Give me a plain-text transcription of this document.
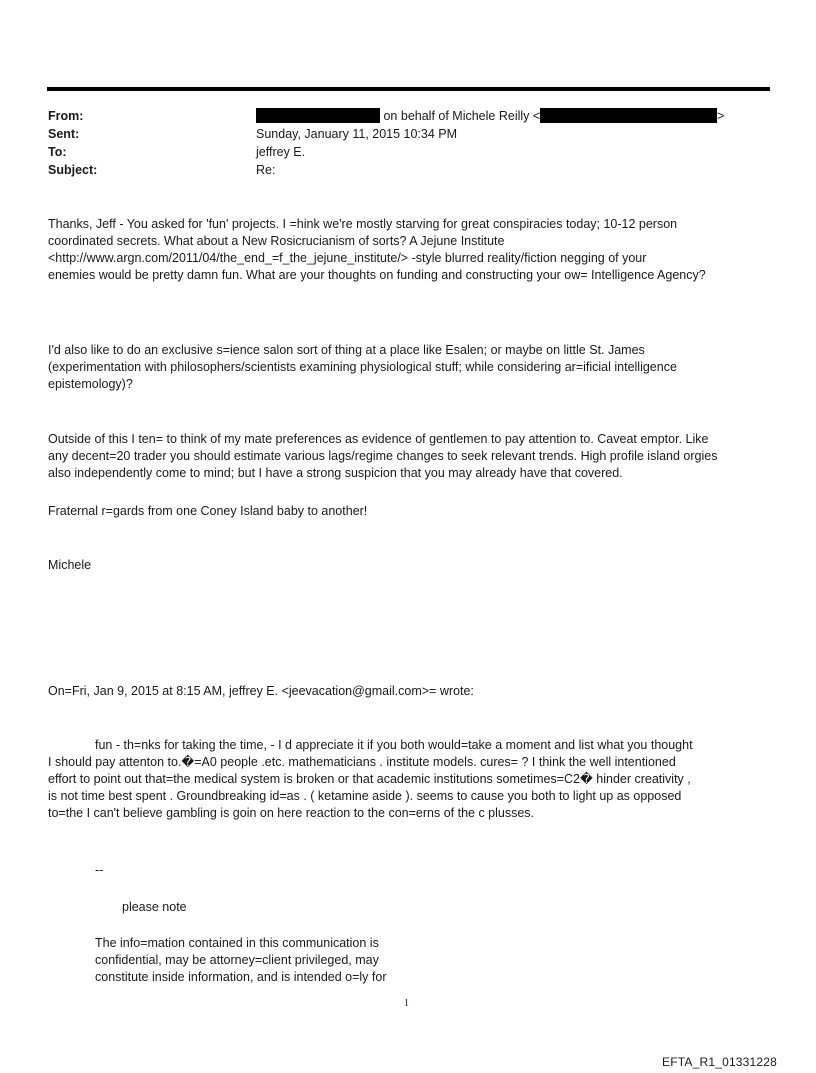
From:	on behalf of Michele Reilly <	>
Sent:	Sunday, January 11, 2015 10:34 PM
To:	jeffrey E.
Subject:	Re:

Thanks, Jeff - You asked for 'fun' projects. I =hink we're mostly starving for great conspiracies today; 10-12 person
coordinated secrets. What about a New Rosicrucianism of sorts? A Jejune Institute
<http://www.argn.com/2011/04/the_end_=f_the_jejune_institute/> -style blurred reality/fiction negging of your
enemies would be pretty damn fun. What are your thoughts on funding and constructing your ow= Intelligence Agency?

I'd also like to do an exclusive s=ience salon sort of thing at a place like Esalen; or maybe on little St. James
(experimentation with philosophers/scientists examining physiological stuff; while considering ar=ificial intelligence
epistemology)?

Outside of this I ten= to think of my mate preferences as evidence of gentlemen to pay attention to. Caveat emptor. Like
any decent=20 trader you should estimate various lags/regime changes to seek relevant trends. High profile island orgies
also independently come to mind; but I have a strong suspicion that you may already have that covered.

Fraternal r=gards from one Coney Island baby to another!

Michele

On=Fri, Jan 9, 2015 at 8:15 AM, jeffrey E. <jeevacation@gmail.com>= wrote:

fun - th=nks for taking the time, - I d appreciate it if you both would=take a moment and list what you thought
I should pay attenton to.�=A0 people .etc. mathematicians . institute models. cures= ? I think the well intentioned
effort to point out that=the medical system is broken or that academic institutions sometimes=C2� hinder creativity ,
is not time best spent . Groundbreaking id=as . ( ketamine aside ). seems to cause you both to light up as opposed
to=the I can't believe gambling is goin on here reaction to the con=erns of the c plusses.

--

please note

The info=mation contained in this communication is
confidential, may be attorney=client privileged, may
constitute inside information, and is intended o=ly for
1
EFTA_R1_01331228
